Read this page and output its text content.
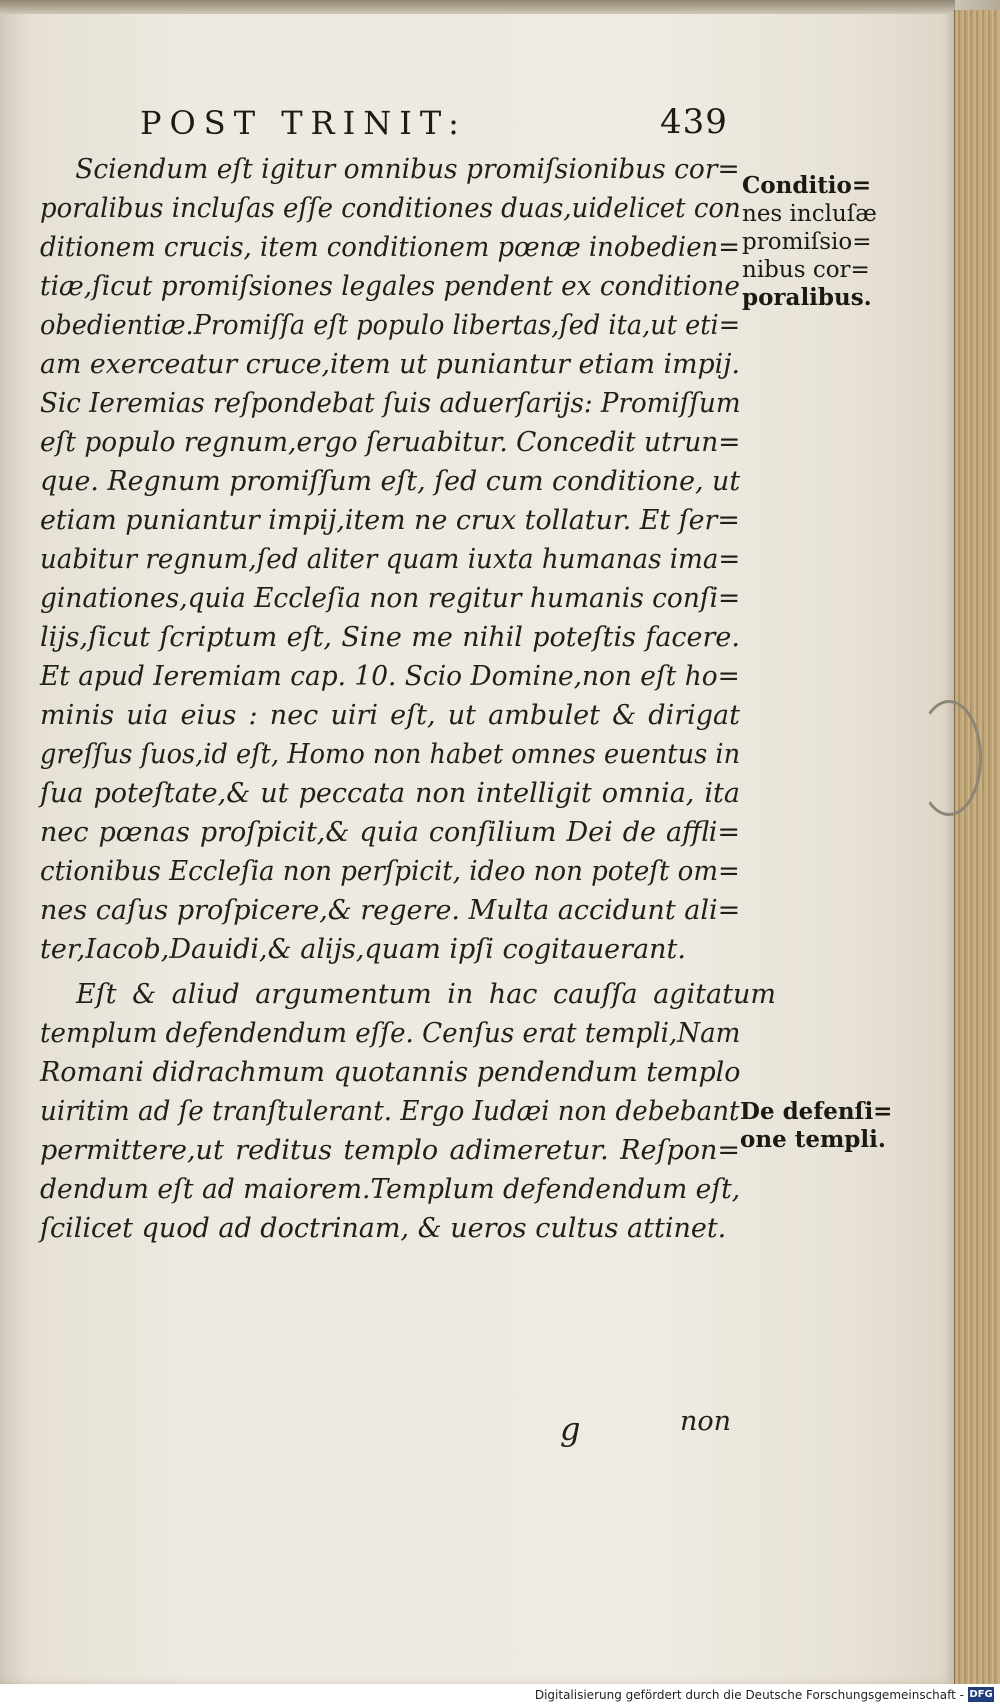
POST TRINIT:	439
Sciendum eſt igitur omnibus promiſsionibus cor=
poralibus incluſas eſſe conditiones duas,uidelicet con
ditionem crucis, item conditionem pœnæ inobedien=
tiæ,ſicut promiſsiones legales pendent ex conditione
obedientiæ.Promiſſa eſt populo libertas,ſed ita,ut eti=
am exerceatur cruce,item ut puniantur etiam impij.
Sic Ieremias reſpondebat ſuis aduerſarijs: Promiſſum
eſt populo regnum,ergo ſeruabitur. Concedit utrun=
que. Regnum promiſſum eſt, ſed cum conditione, ut
etiam puniantur impij,item ne crux tollatur. Et ſer=
uabitur regnum,ſed aliter quam iuxta humanas ima=
ginationes,quia Eccleſia non regitur humanis conſi=
lijs,ſicut ſcriptum eſt, Sine me nihil poteſtis facere.
Et apud Ieremiam cap. 10. Scio Domine,non eſt ho=
minis uia eius : nec uiri eſt, ut ambulet & dirigat
greſſus ſuos,id eſt, Homo non habet omnes euentus in
ſua poteſtate,& ut peccata non intelligit omnia, ita
nec pœnas proſpicit,& quia conſilium Dei de affli=
ctionibus Eccleſia non perſpicit, ideo non poteſt om=
nes caſus proſpicere,& regere. Multa accidunt ali=
ter,Iacob,Dauidi,& alijs,quam ipſi cogitauerant.
Eſt & aliud argumentum in hac cauſſa agitatum
templum defendendum eſſe. Cenſus erat templi,Nam
Romani didrachmum quotannis pendendum templo
uiritim ad ſe tranſtulerant. Ergo Iudæi non debebant
permittere,ut reditus templo adimeretur. Reſpon=
dendum eſt ad maiorem.Templum defendendum eſt,
ſcilicet quod ad doctrinam, & ueros cultus attinet.
Conditio=
nes incluſæ
promiſsio=
nibus cor=
poralibus.
De defenſi=
one templi.
g	non
Digitalisierung gefördert durch die Deutsche Forschungsgemeinschaft - DFG
